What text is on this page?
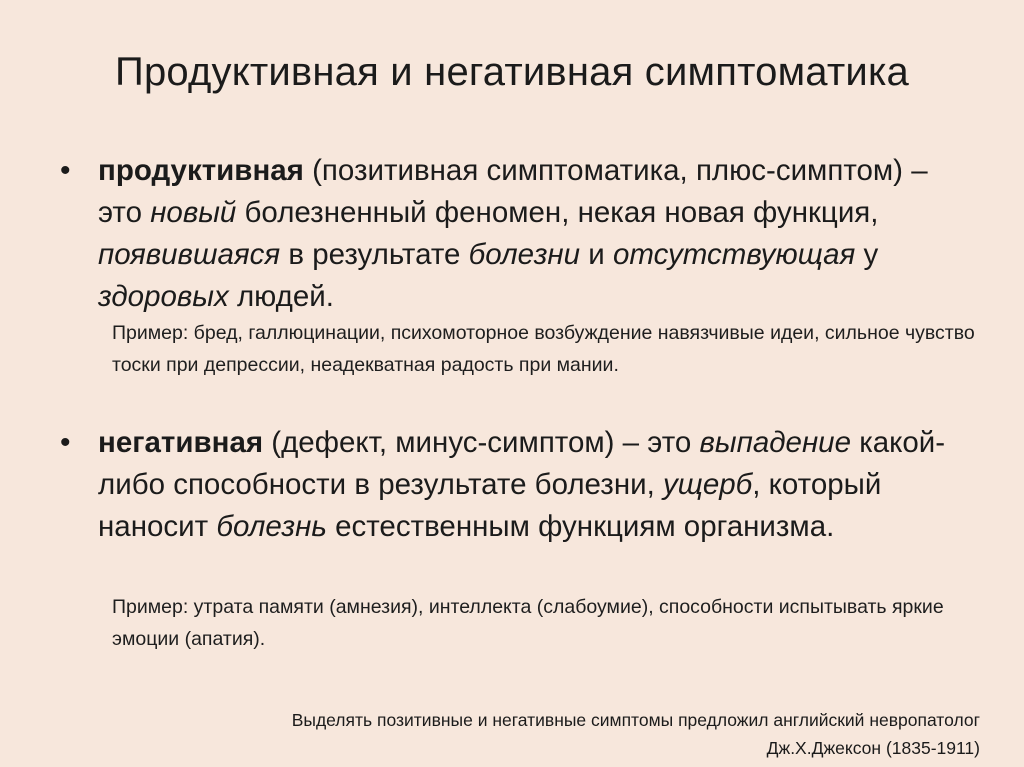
Продуктивная и негативная симптоматика
• продуктивная (позитивная симптоматика, плюс-симптом) – это новый болезненный феномен, некая новая функция, появившаяся в результате болезни и отсутствующая у здоровых людей.
Пример: бред, галлюцинации, психомоторное возбуждение навязчивые идеи, сильное чувство тоски при депрессии, неадекватная радость при мании.
• негативная (дефект, минус-симптом) – это выпадение какой-либо способности в результате болезни, ущерб, который наносит болезнь естественным функциям организма.
Пример: утрата памяти (амнезия), интеллекта (слабоумие), способности испытывать яркие эмоции (апатия).
Выделять позитивные и негативные симптомы предложил английский невропатолог
Дж.Х.Джексон (1835-1911)
